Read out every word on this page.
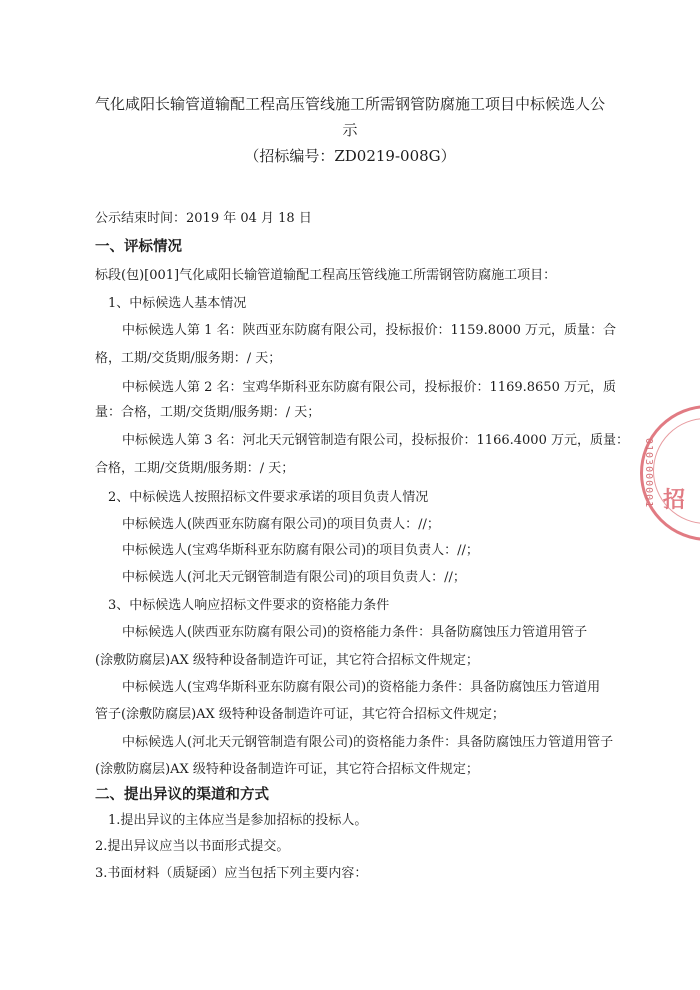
气化咸阳长输管道输配工程高压管线施工所需钢管防腐施工项目中标候选人公
示
（招标编号：ZD0219-008G）
公示结束时间：2019 年 04 月 18 日
一、评标情况
标段(包)[001]气化咸阳长输管道输配工程高压管线施工所需钢管防腐施工项目：
1、中标候选人基本情况
中标候选人第 1 名：陕西亚东防腐有限公司，投标报价：1159.8000 万元，质量：合
格，工期/交货期/服务期：/ 天；
中标候选人第 2 名：宝鸡华斯科亚东防腐有限公司，投标报价：1169.8650 万元，质
量：合格，工期/交货期/服务期：/ 天；
中标候选人第 3 名：河北天元钢管制造有限公司，投标报价：1166.4000 万元，质量：
合格，工期/交货期/服务期：/ 天；
2、中标候选人按照招标文件要求承诺的项目负责人情况
中标候选人(陕西亚东防腐有限公司)的项目负责人：//；
中标候选人(宝鸡华斯科亚东防腐有限公司)的项目负责人：//；
中标候选人(河北天元钢管制造有限公司)的项目负责人：//；
3、中标候选人响应招标文件要求的资格能力条件
中标候选人(陕西亚东防腐有限公司)的资格能力条件：具备防腐蚀压力管道用管子
(涂敷防腐层)AX 级特种设备制造许可证，其它符合招标文件规定；
中标候选人(宝鸡华斯科亚东防腐有限公司)的资格能力条件：具备防腐蚀压力管道用
管子(涂敷防腐层)AX 级特种设备制造许可证，其它符合招标文件规定；
中标候选人(河北天元钢管制造有限公司)的资格能力条件：具备防腐蚀压力管道用管子
(涂敷防腐层)AX 级特种设备制造许可证，其它符合招标文件规定；
二、提出异议的渠道和方式
1.提出异议的主体应当是参加招标的投标人。
2.提出异议应当以书面形式提交。
3.书面材料（质疑函）应当包括下列主要内容：
0103000001 招
